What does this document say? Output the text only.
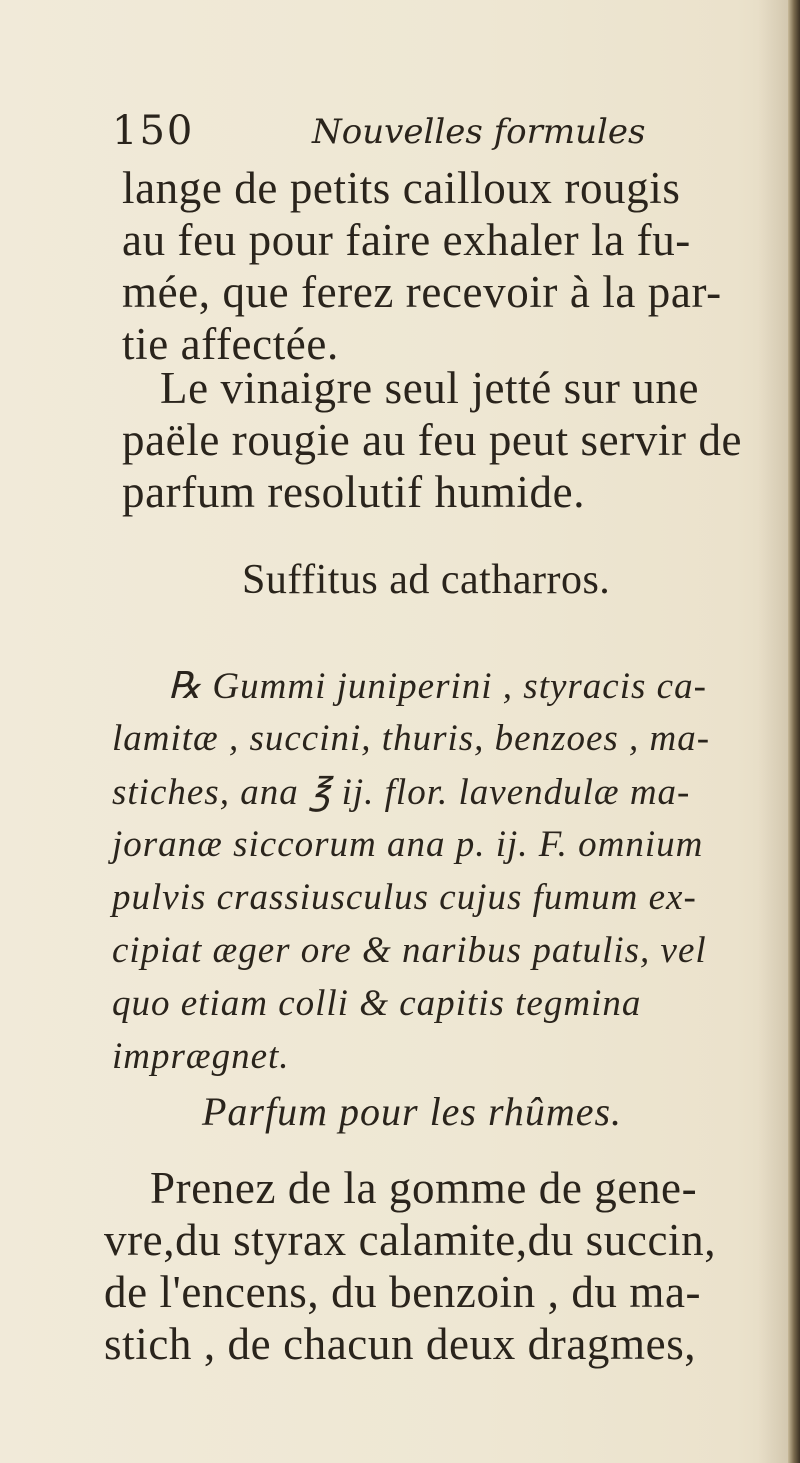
150	Nouvelles formules
lange de petits cailloux rougis
au feu pour faire exhaler la fu-
mée, que ferez recevoir à la par-
tie affectée.
Le vinaigre seul jetté sur une
paële rougie au feu peut servir de
parfum resolutif humide.
Suffitus ad catharros.
℞ Gummi juniperini , styracis ca-
lamitæ , succini, thuris, benzoes , ma-
stiches, ana ℥ ij. flor. lavendulæ ma-
joranæ siccorum ana p. ij. F. omnium
pulvis crassiusculus cujus fumum ex-
cipiat æger ore & naribus patulis, vel
quo etiam colli & capitis tegmina
imprægnet.
Parfum pour les rhûmes.
Prenez de la gomme de gene-
vre,du styrax calamite,du succin,
de l'encens, du benzoin , du ma-
stich , de chacun deux dragmes,
